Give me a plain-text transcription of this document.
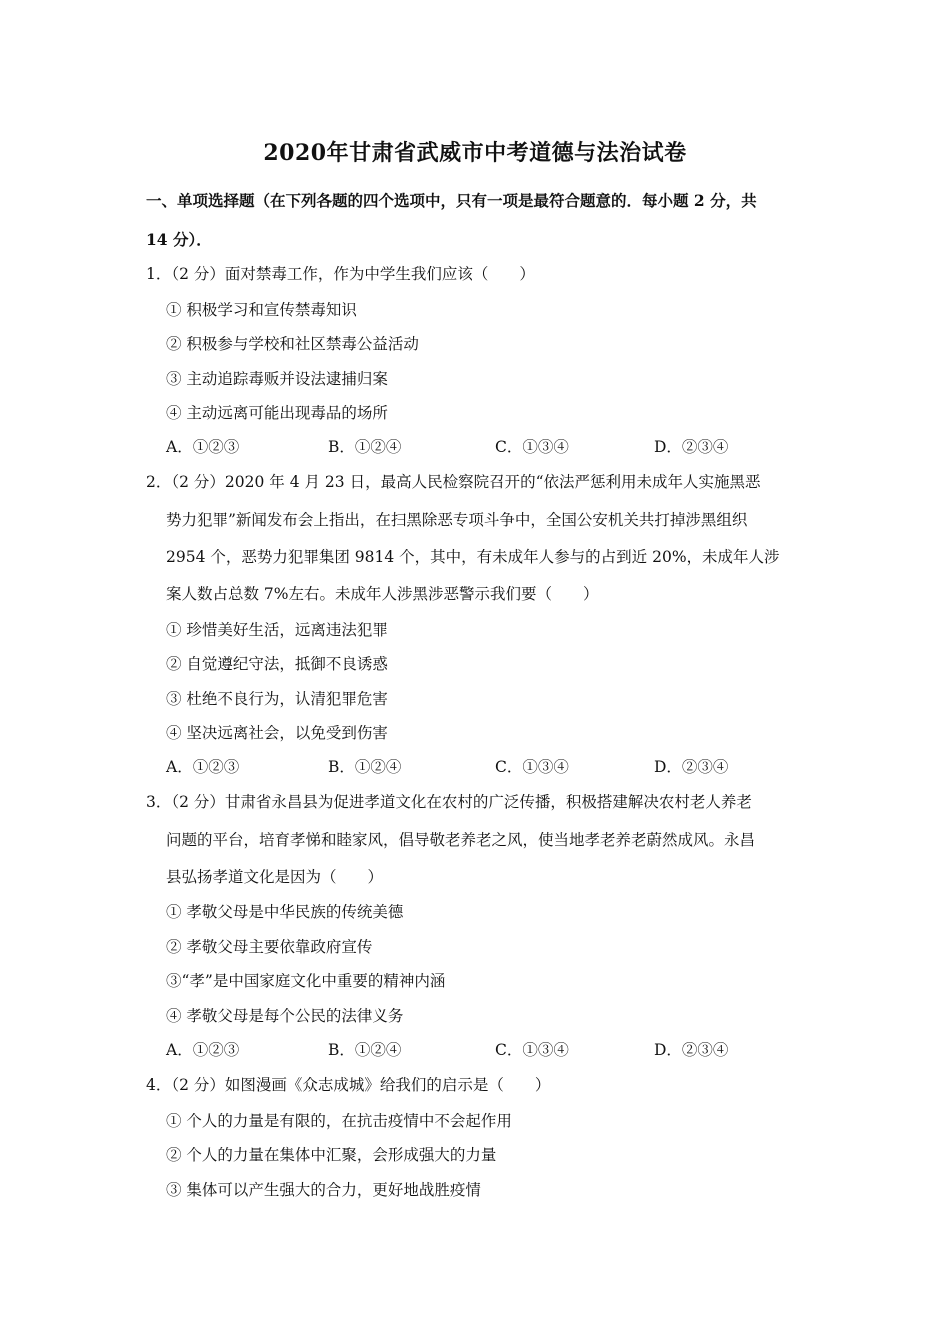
2020年甘肃省武威市中考道德与法治试卷
一、单项选择题（在下列各题的四个选项中，只有一项是最符合题意的．每小题 2 分，共
14 分）．
1．（2 分）面对禁毒工作，作为中学生我们应该（　　）
① 积极学习和宣传禁毒知识
② 积极参与学校和社区禁毒公益活动
③ 主动追踪毒贩并设法逮捕归案
④ 主动远离可能出现毒品的场所
A．①②③	B．①②④	C．①③④	D．②③④
2．（2 分）2020 年 4 月 23 日，最高人民检察院召开的“依法严惩利用未成年人实施黑恶
势力犯罪”新闻发布会上指出，在扫黑除恶专项斗争中，全国公安机关共打掉涉黑组织
2954 个，恶势力犯罪集团 9814 个，其中，有未成年人参与的占到近 20%，未成年人涉
案人数占总数 7%左右。未成年人涉黑涉恶警示我们要（　　）
① 珍惜美好生活，远离违法犯罪
② 自觉遵纪守法，抵御不良诱惑
③ 杜绝不良行为，认清犯罪危害
④ 坚决远离社会，以免受到伤害
A．①②③	B．①②④	C．①③④	D．②③④
3．（2 分）甘肃省永昌县为促进孝道文化在农村的广泛传播，积极搭建解决农村老人养老
问题的平台，培育孝悌和睦家风，倡导敬老养老之风，使当地孝老养老蔚然成风。永昌
县弘扬孝道文化是因为（　　）
① 孝敬父母是中华民族的传统美德
② 孝敬父母主要依靠政府宣传
③“孝”是中国家庭文化中重要的精神内涵
④ 孝敬父母是每个公民的法律义务
A．①②③	B．①②④	C．①③④	D．②③④
4．（2 分）如图漫画《众志成城》给我们的启示是（　　）
① 个人的力量是有限的，在抗击疫情中不会起作用
② 个人的力量在集体中汇聚，会形成强大的力量
③ 集体可以产生强大的合力，更好地战胜疫情
